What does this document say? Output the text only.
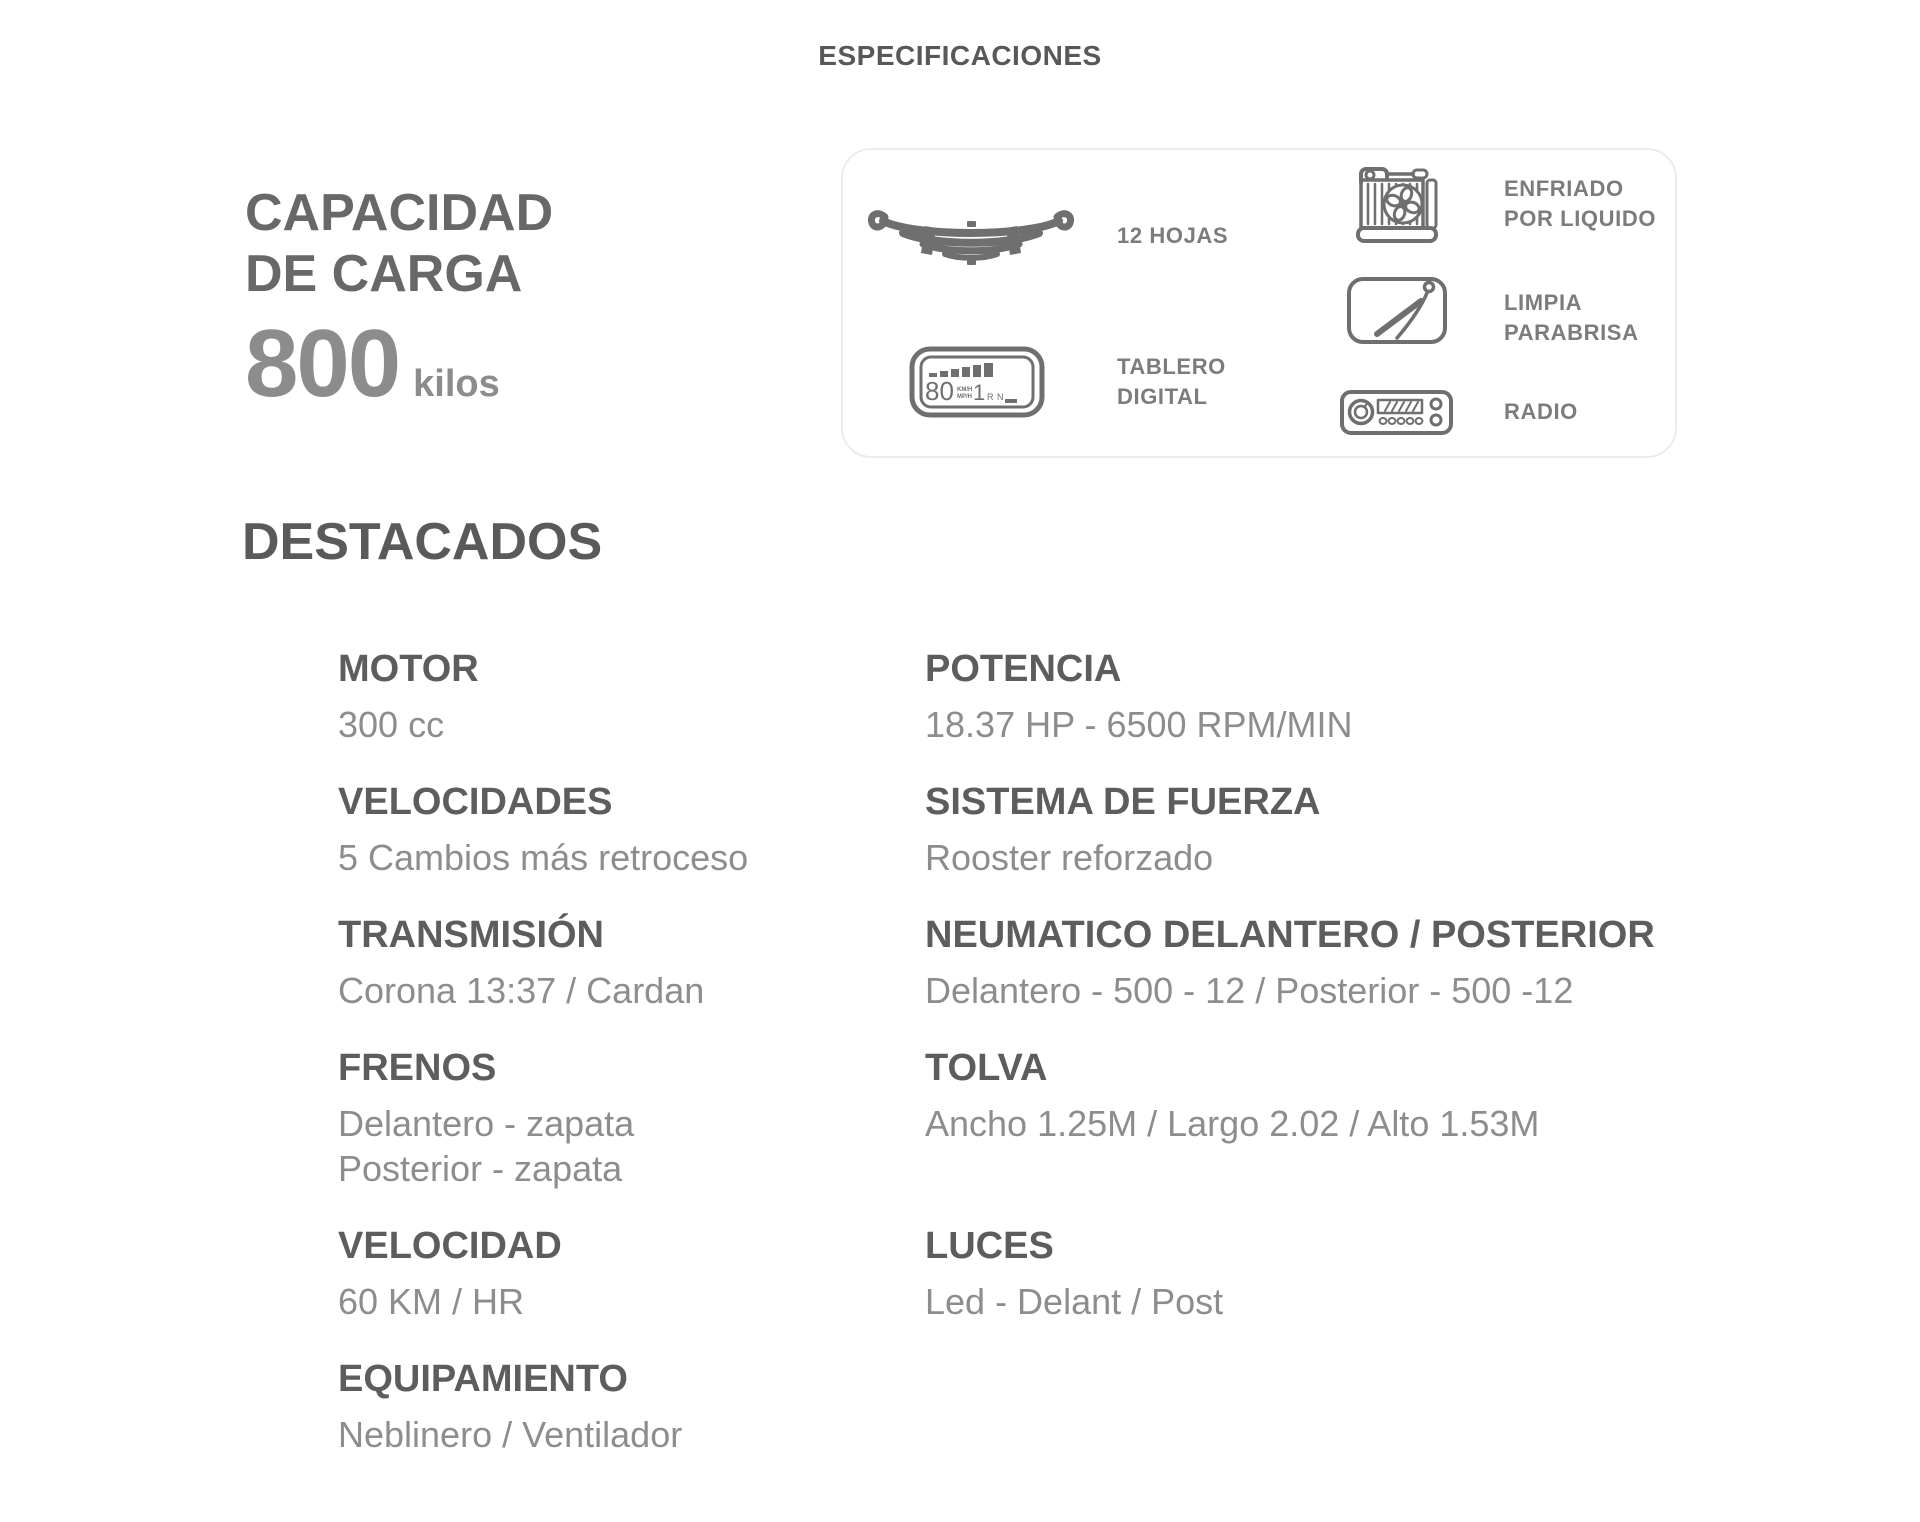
ESPECIFICACIONES
CAPACIDAD
DE CARGA
800 kilos
12 HOJAS
80 KM/H
MP/H 1 R N
TABLERO DIGITAL
ENFRIADO POR LIQUIDO
LIMPIA PARABRISA
RADIO
DESTACADOS
MOTOR
300 cc
POTENCIA
18.37 HP - 6500 RPM/MIN
VELOCIDADES
5 Cambios más retroceso
SISTEMA DE FUERZA
Rooster reforzado
TRANSMISIÓN
Corona 13:37 / Cardan
NEUMATICO DELANTERO / POSTERIOR
Delantero - 500 - 12 / Posterior - 500 -12
FRENOS
Delantero - zapata
Posterior - zapata
TOLVA
Ancho 1.25M / Largo 2.02 / Alto 1.53M
VELOCIDAD
60 KM / HR
LUCES
Led - Delant / Post
EQUIPAMIENTO
Neblinero / Ventilador
